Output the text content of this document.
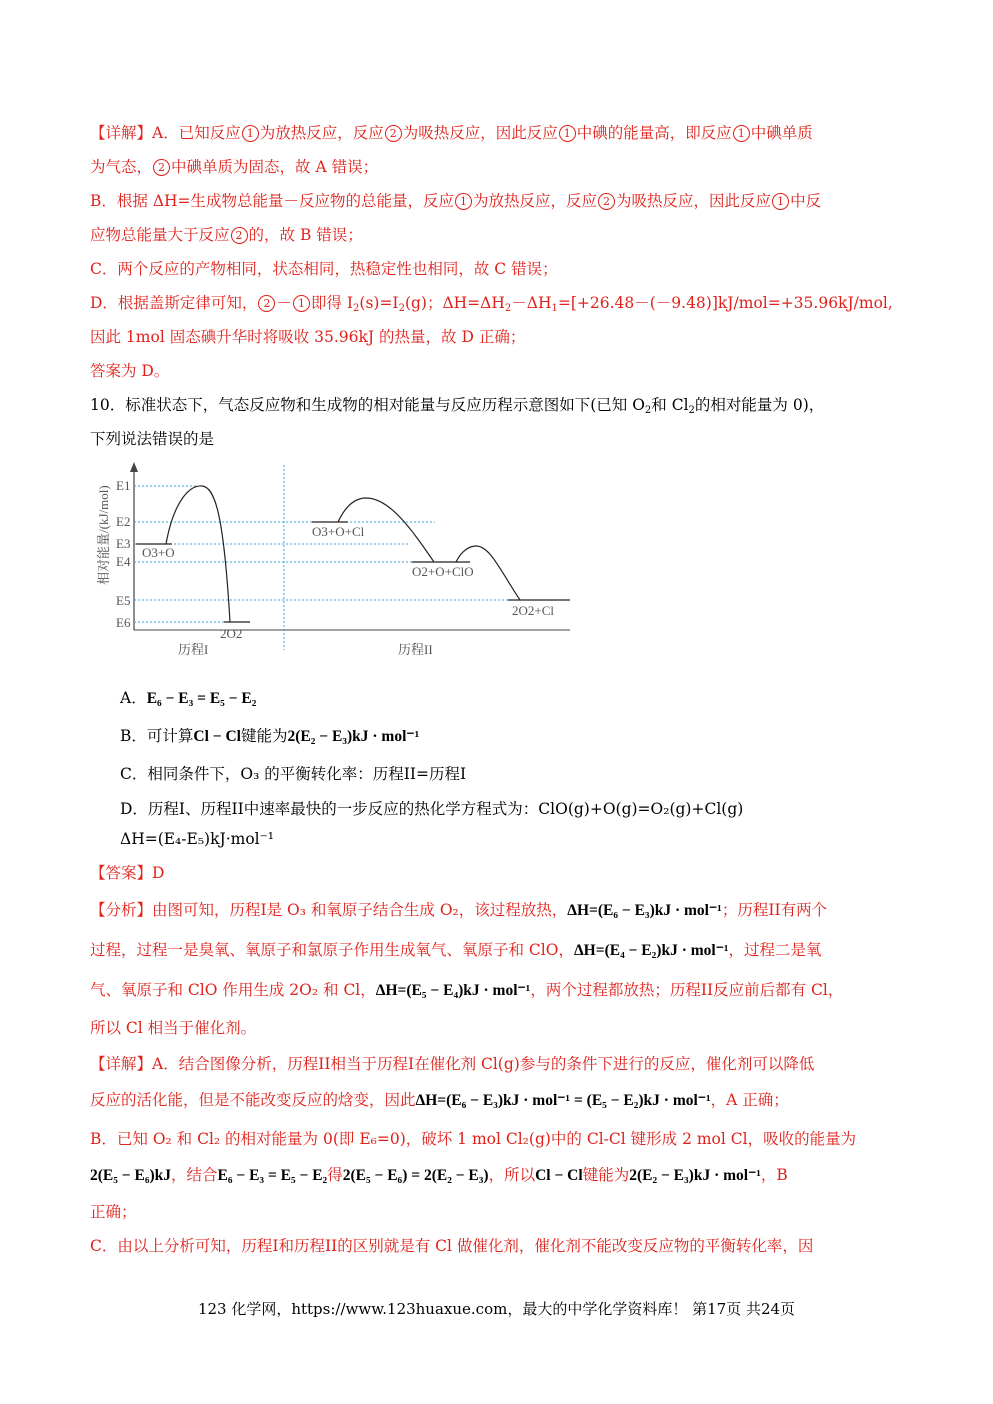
【详解】A．已知反应 1 为放热反应，反应 2 为吸热反应，因此反应 1 中碘的能量高，即反应 1 中碘单质
为气态， 2 中碘单质为固态，故 A 错误；
B．根据 ΔH=生成物总能量－反应物的总能量，反应 1 为放热反应，反应 2 为吸热反应，因此反应 1 中反
应物总能量大于反应 2 的，故 B 错误；
C．两个反应的产物相同，状态相同，热稳定性也相同，故 C 错误；
D．根据盖斯定律可知， 2 － 1 即得 $I_2(s)=I_2(g)$；$\Delta H=\Delta H_2-\Delta H_1=[+26.48-(-9.48)]kJ/mol=+35.96kJ$/mol,
因此 1mol 固态碘升华时将吸收 35.96kJ 的热量，故 D 正确；
答案为 D。
10．标准状态下，气态反应物和生成物的相对能量与反应历程示意图如下(已知 $O_2$和 $Cl_2$的相对能量为 0)，
下列说法错误的是
相对能量/(kJ/mol) E1
E2
E3
E4
E5
E6
O3+O
2O2
O3+O+Cl
O2+O+ClO
2O2+Cl
历程I	历程II
A．E₆ − E₃ = E₅ − E₂
B．可计算Cl − Cl键能为2(E₂ − E₃)kJ · mol⁻¹
C．相同条件下，O₃ 的平衡转化率：历程II=历程I
D．历程I、历程II中速率最快的一步反应的热化学方程式为：ClO(g)+O(g)=O₂(g)+Cl(g)
ΔH=(E₄-E₅)kJ·mol⁻¹
【答案】D
【分析】由图可知，历程I是 O₃ 和氧原子结合生成 O₂，该过程放热，ΔH=(E₆ − E₃)kJ · mol⁻¹；历程II有两个
过程，过程一是臭氧、氧原子和氯原子作用生成氧气、氧原子和 ClO，ΔH=(E₄ − E₂)kJ · mol⁻¹，过程二是氧
气、氧原子和 ClO 作用生成 2O₂ 和 Cl，ΔH=(E₅ − E₄)kJ · mol⁻¹，两个过程都放热；历程II反应前后都有 Cl，
所以 Cl 相当于催化剂。
【详解】A．结合图像分析，历程II相当于历程I在催化剂 Cl(g)参与的条件下进行的反应，催化剂可以降低
反应的活化能，但是不能改变反应的焓变，因此ΔH=(E₆ − E₃)kJ · mol⁻¹ = (E₅ − E₂)kJ · mol⁻¹，A 正确；
B．已知 O₂ 和 Cl₂ 的相对能量为 0(即 E₆=0)，破坏 1 mol Cl₂(g)中的 Cl-Cl 键形成 2 mol Cl，吸收的能量为
2(E₅ − E₆)kJ，结合E₆ − E₃ = E₅ − E₂得2(E₅ − E₆) = 2(E₂ − E₃)，所以Cl − Cl键能为2(E₂ − E₃)kJ · mol⁻¹，B
正确；
C．由以上分析可知，历程I和历程II的区别就是有 Cl 做催化剂，催化剂不能改变反应物的平衡转化率，因
123 化学网，https://www.123huaxue.com，最大的中学化学资料库！ 第17页 共24页
